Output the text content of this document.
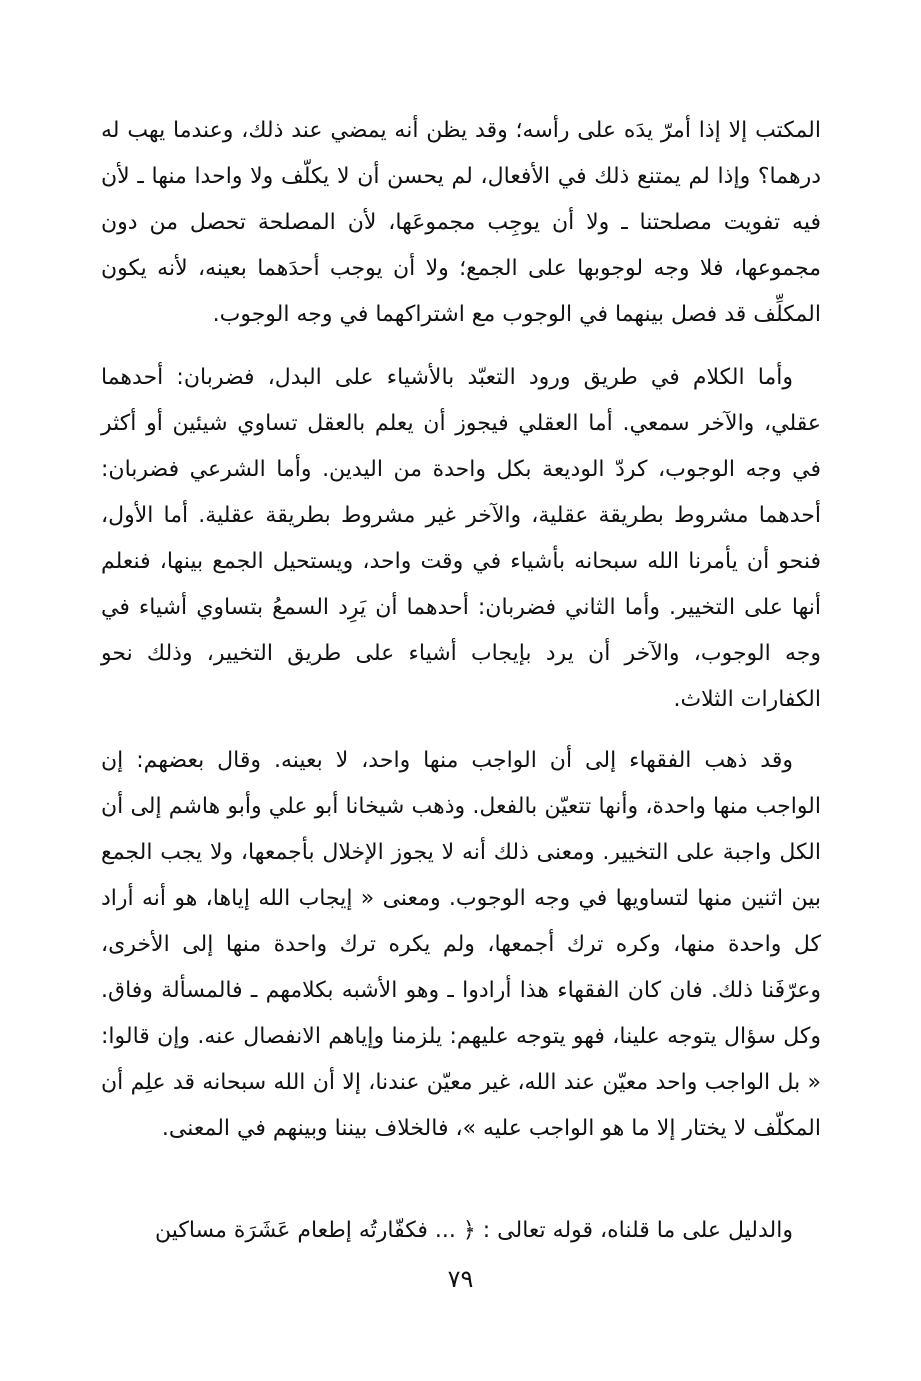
المكتب إلا إذا أمرّ يدَه على رأسه؛ وقد يظن أنه يمضي عند ذلك، وعندما يهب له درهما؟ وإذا لم يمتنع ذلك في الأفعال، لم يحسن أن لا يكلّف ولا واحدا منها ـ لأن فيه تفويت مصلحتنا ـ ولا أن يوجِب مجموعَها، لأن المصلحة تحصل من دون مجموعها، فلا وجه لوجوبها على الجمع؛ ولا أن يوجب أحدَهما بعينه، لأنه يكون المكلِّف قد فصل بينهما في الوجوب مع اشتراكهما في وجه الوجوب.

وأما الكلام في طريق ورود التعبّد بالأشياء على البدل، فضربان: أحدهما عقلي، والآخر سمعي. أما العقلي فيجوز أن يعلم بالعقل تساوي شيئين أو أكثر في وجه الوجوب، كردّ الوديعة بكل واحدة من اليدين. وأما الشرعي فضربان: أحدهما مشروط بطريقة عقلية، والآخر غير مشروط بطريقة عقلية. أما الأول، فنحو أن يأمرنا الله سبحانه بأشياء في وقت واحد، ويستحيل الجمع بينها، فنعلم أنها على التخيير. وأما الثاني فضربان: أحدهما أن يَرِد السمعُ بتساوي أشياء في وجه الوجوب، والآخر أن يرد بإيجاب أشياء على طريق التخيير، وذلك نحو الكفارات الثلاث.

وقد ذهب الفقهاء إلى أن الواجب منها واحد، لا بعينه. وقال بعضهم: إن الواجب منها واحدة، وأنها تتعيّن بالفعل. وذهب شيخانا أبو علي وأبو هاشم إلى أن الكل واجبة على التخيير. ومعنى ذلك أنه لا يجوز الإخلال بأجمعها، ولا يجب الجمع بين اثنين منها لتساويها في وجه الوجوب. ومعنى « إيجاب الله إياها، هو أنه أراد كل واحدة منها، وكره ترك أجمعها، ولم يكره ترك واحدة منها إلى الأخرى، وعرّفَنا ذلك. فان كان الفقهاء هذا أرادوا ـ وهو الأشبه بكلامهم ـ فالمسألة وفاق. وكل سؤال يتوجه علينا، فهو يتوجه عليهم: يلزمنا وإياهم الانفصال عنه. وإن قالوا: « بل الواجب واحد معيّن عند الله، غير معيّن عندنا، إلا أن الله سبحانه قد علِم أن المكلّف لا يختار إلا ما هو الواجب عليه »، فالخلاف بيننا وبينهم في المعنى.

والدليل على ما قلناه، قوله تعالى : ﴿ ... فكفّارتُه إطعام عَشَرَة مساكين

٧٩
